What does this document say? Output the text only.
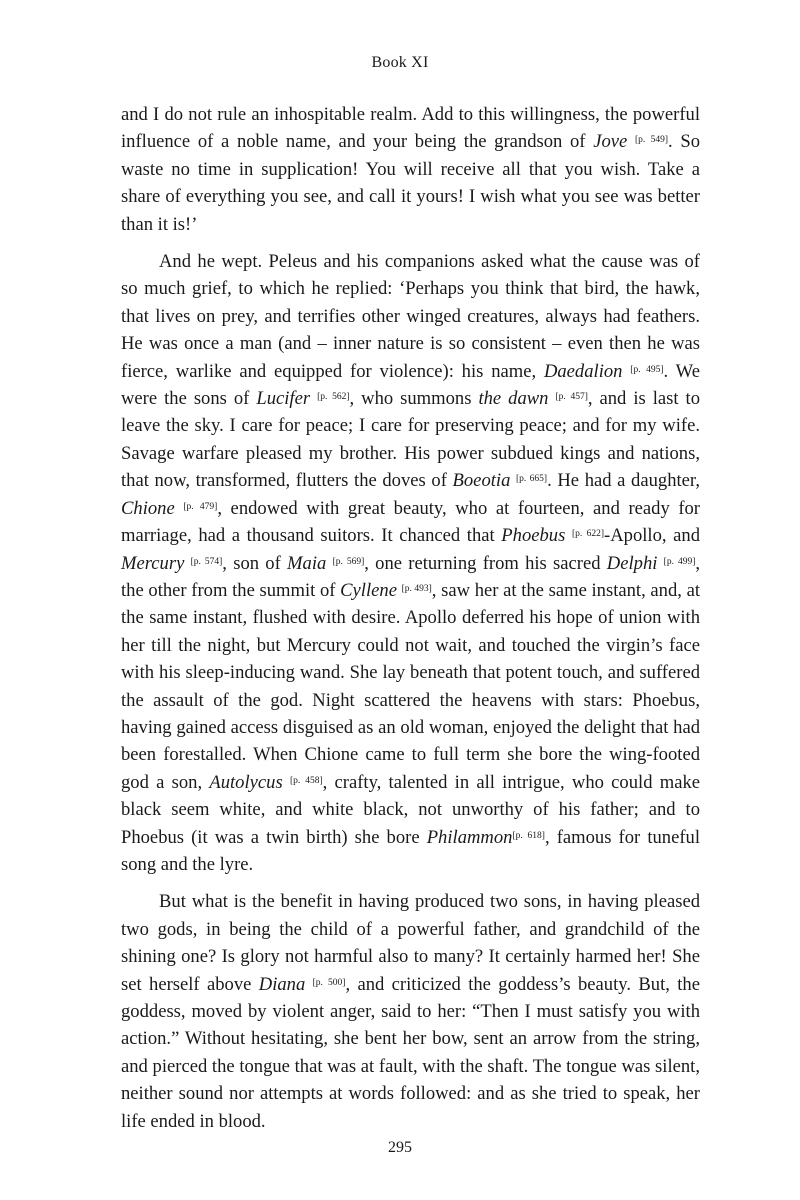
Book XI

and I do not rule an inhospitable realm. Add to this willingness, the powerful influence of a noble name, and your being the grandson of Jove [p. 549]. So waste no time in supplication! You will receive all that you wish. Take a share of everything you see, and call it yours! I wish what you see was better than it is!’

And he wept. Peleus and his companions asked what the cause was of so much grief, to which he replied: ‘Perhaps you think that bird, the hawk, that lives on prey, and terrifies other winged creatures, always had feathers. He was once a man (and – inner nature is so consistent – even then he was fierce, warlike and equipped for violence): his name, Daedalion [p. 495]. We were the sons of Lucifer [p. 562], who summons the dawn [p. 457], and is last to leave the sky. I care for peace; I care for preserving peace; and for my wife. Savage warfare pleased my brother. His power subdued kings and nations, that now, transformed, flutters the doves of Boeotia [p. 665]. He had a daughter, Chione [p. 479], endowed with great beauty, who at fourteen, and ready for marriage, had a thousand suitors. It chanced that Phoebus [p. 622]-Apollo, and Mercury [p. 574], son of Maia [p. 569], one returning from his sacred Delphi [p. 499], the other from the summit of Cyllene [p. 493], saw her at the same instant, and, at the same instant, flushed with desire. Apollo deferred his hope of union with her till the night, but Mercury could not wait, and touched the virgin’s face with his sleep-inducing wand. She lay beneath that potent touch, and suffered the assault of the god. Night scattered the heavens with stars: Phoebus, having gained access disguised as an old woman, enjoyed the delight that had been forestalled. When Chione came to full term she bore the wing-footed god a son, Autolycus [p. 458], crafty, talented in all intrigue, who could make black seem white, and white black, not unworthy of his father; and to Phoebus (it was a twin birth) she bore Philammon[p. 618], famous for tuneful song and the lyre.

But what is the benefit in having produced two sons, in having pleased two gods, in being the child of a powerful father, and grandchild of the shining one? Is glory not harmful also to many? It certainly harmed her! She set herself above Diana [p. 500], and criticized the goddess’s beauty. But, the goddess, moved by violent anger, said to her: “Then I must satisfy you with action.” Without hesitating, she bent her bow, sent an arrow from the string, and pierced the tongue that was at fault, with the shaft. The tongue was silent, neither sound nor attempts at words followed: and as she tried to speak, her life ended in blood.

295
